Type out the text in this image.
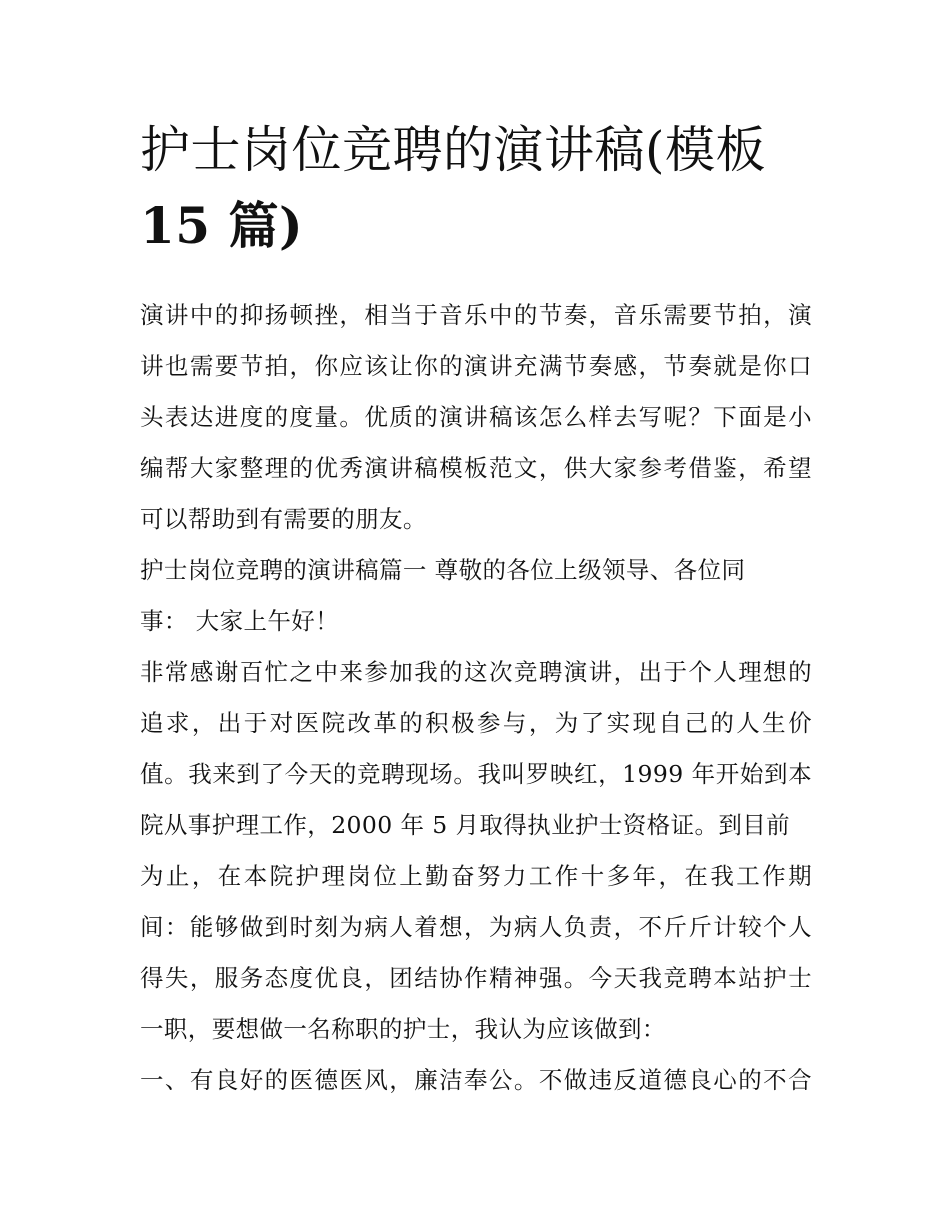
护士岗位竞聘的演讲稿(模板
15 篇)
演讲中的抑扬顿挫，相当于音乐中的节奏，音乐需要节拍，演
讲也需要节拍，你应该让你的演讲充满节奏感，节奏就是你口
头表达进度的度量。优质的演讲稿该怎么样去写呢？下面是小
编帮大家整理的优秀演讲稿模板范文，供大家参考借鉴，希望
可以帮助到有需要的朋友。
护士岗位竞聘的演讲稿篇一 尊敬的各位上级领导、各位同
事： 大家上午好！
非常感谢百忙之中来参加我的这次竞聘演讲，出于个人理想的
追求，出于对医院改革的积极参与，为了实现自己的人生价
值。我来到了今天的竞聘现场。我叫罗映红，1999 年开始到本
院从事护理工作，2000 年 5 月取得执业护士资格证。到目前
为止，在本院护理岗位上勤奋努力工作十多年，在我工作期
间：能够做到时刻为病人着想，为病人负责，不斤斤计较个人
得失，服务态度优良，团结协作精神强。今天我竞聘本站护士
一职，要想做一名称职的护士，我认为应该做到：
一、有良好的医德医风，廉洁奉公。不做违反道德良心的不合
